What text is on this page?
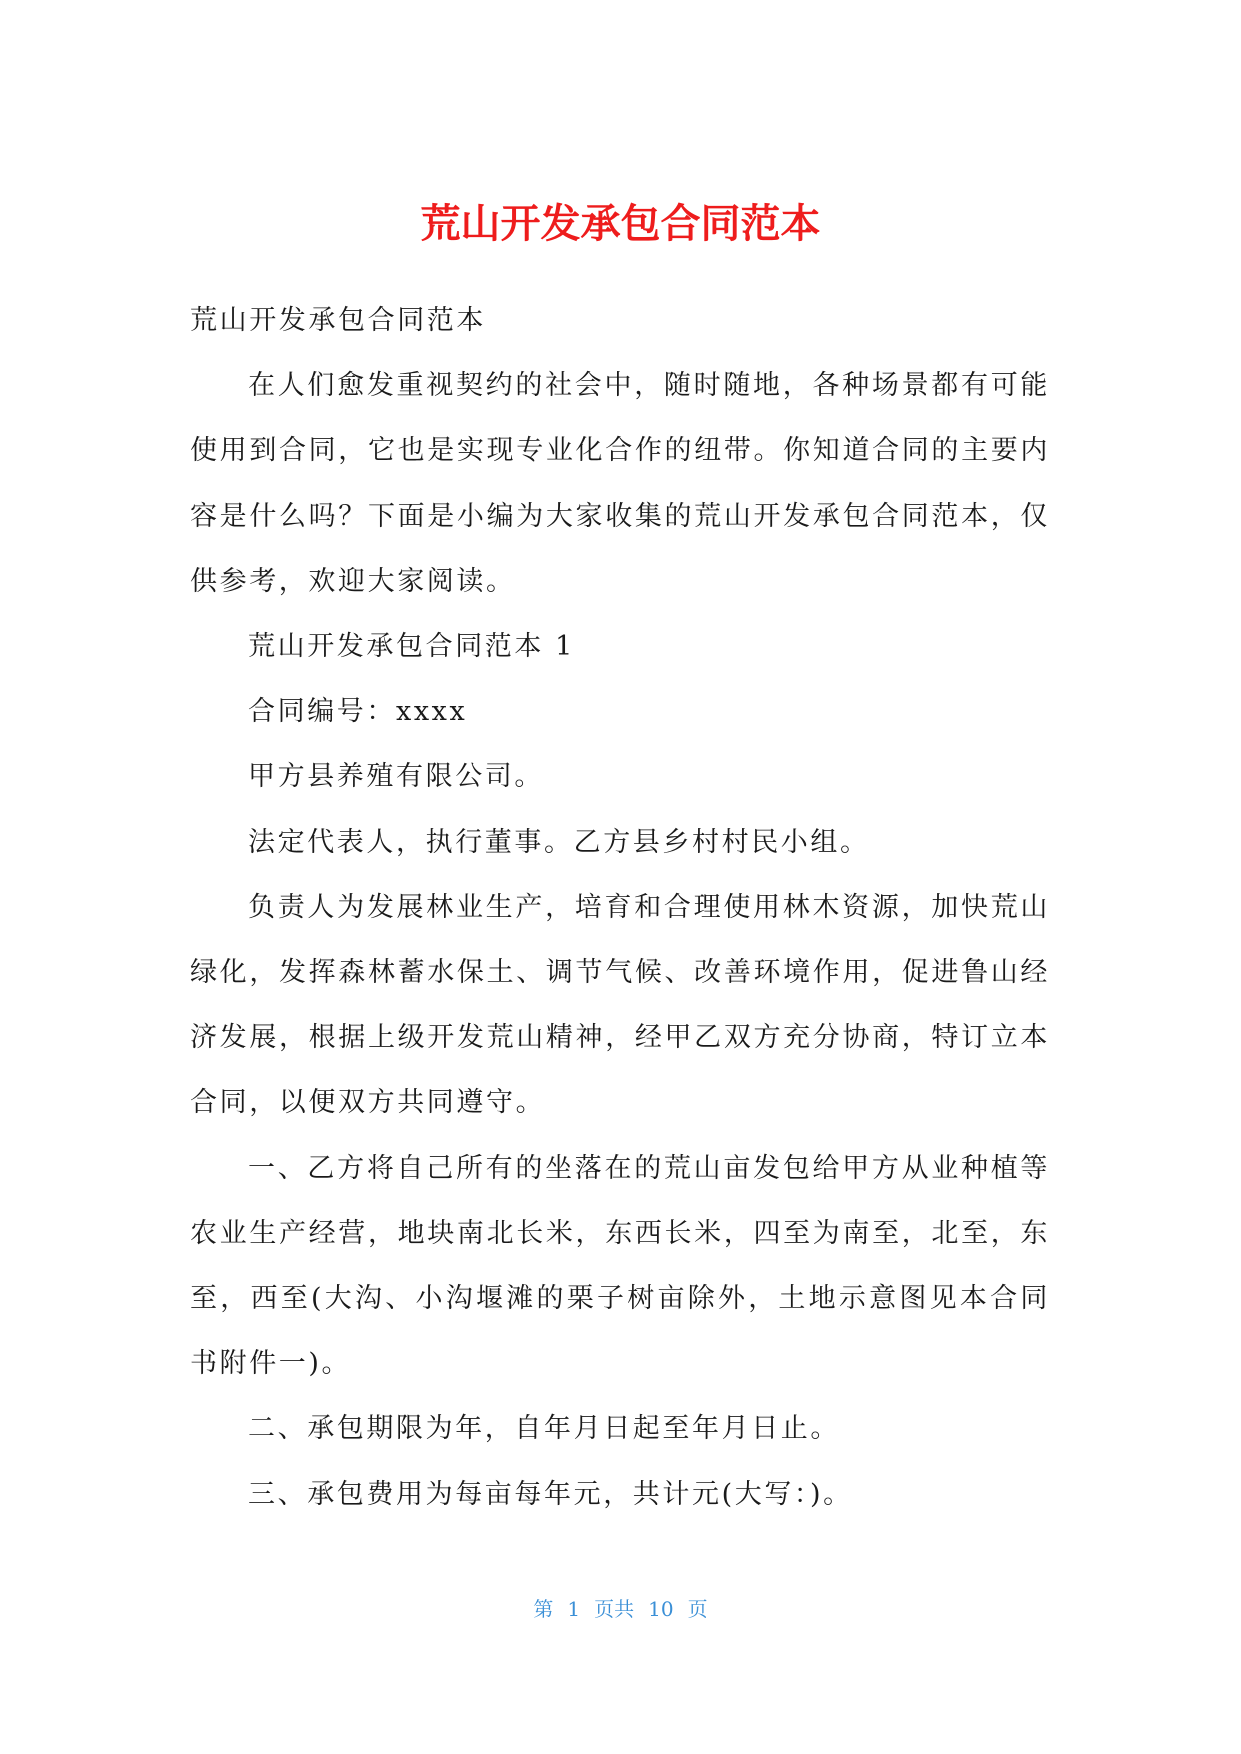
荒山开发承包合同范本

荒山开发承包合同范本

在人们愈发重视契约的社会中，随时随地，各种场景都有可能使用到合同，它也是实现专业化合作的纽带。你知道合同的主要内容是什么吗？下面是小编为大家收集的荒山开发承包合同范本，仅供参考，欢迎大家阅读。

荒山开发承包合同范本 1

合同编号：xxxx

甲方县养殖有限公司。

法定代表人，执行董事。乙方县乡村村民小组。

负责人为发展林业生产，培育和合理使用林木资源，加快荒山绿化，发挥森林蓄水保土、调节气候、改善环境作用，促进鲁山经济发展，根据上级开发荒山精神，经甲乙双方充分协商，特订立本合同，以便双方共同遵守。

一、乙方将自己所有的坐落在的荒山亩发包给甲方从业种植等农业生产经营，地块南北长米，东西长米，四至为南至，北至，东至，西至(大沟、小沟堰滩的栗子树亩除外，土地示意图见本合同书附件一)。

二、承包期限为年，自年月日起至年月日止。

三、承包费用为每亩每年元，共计元(大写：)。

第 1 页共 10 页
